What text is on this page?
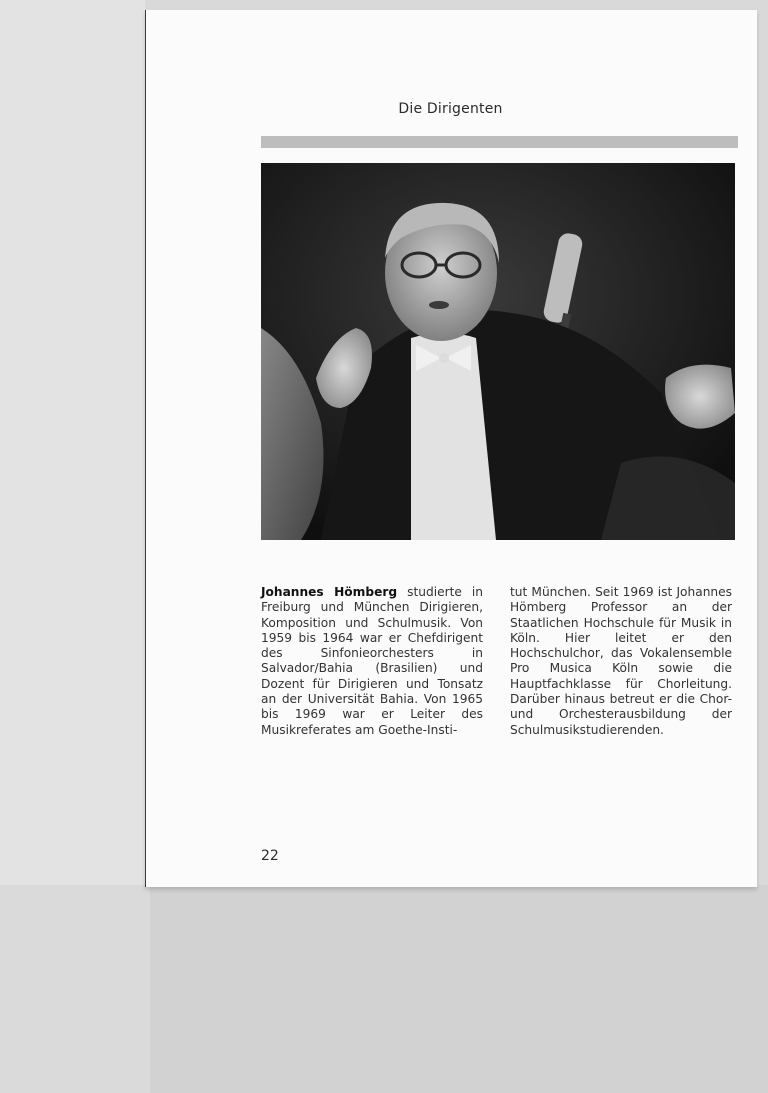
Die Dirigenten
Johannes Hömberg studierte in Freiburg und München Dirigieren, Komposition und Schulmusik. Von 1959 bis 1964 war er Chefdirigent des Sinfonieorchesters in Salvador/Bahia (Brasilien) und Dozent für Dirigieren und Tonsatz an der Universität Bahia. Von 1965 bis 1969 war er Leiter des Musikreferates am Goethe-Insti-
tut München. Seit 1969 ist Johannes Hömberg Professor an der Staatlichen Hochschule für Musik in Köln. Hier leitet er den Hochschulchor, das Vokalensemble Pro Musica Köln sowie die Hauptfachklasse für Chorleitung. Darüber hinaus betreut er die Chor- und Orchesterausbildung der Schulmusikstudierenden.
22
